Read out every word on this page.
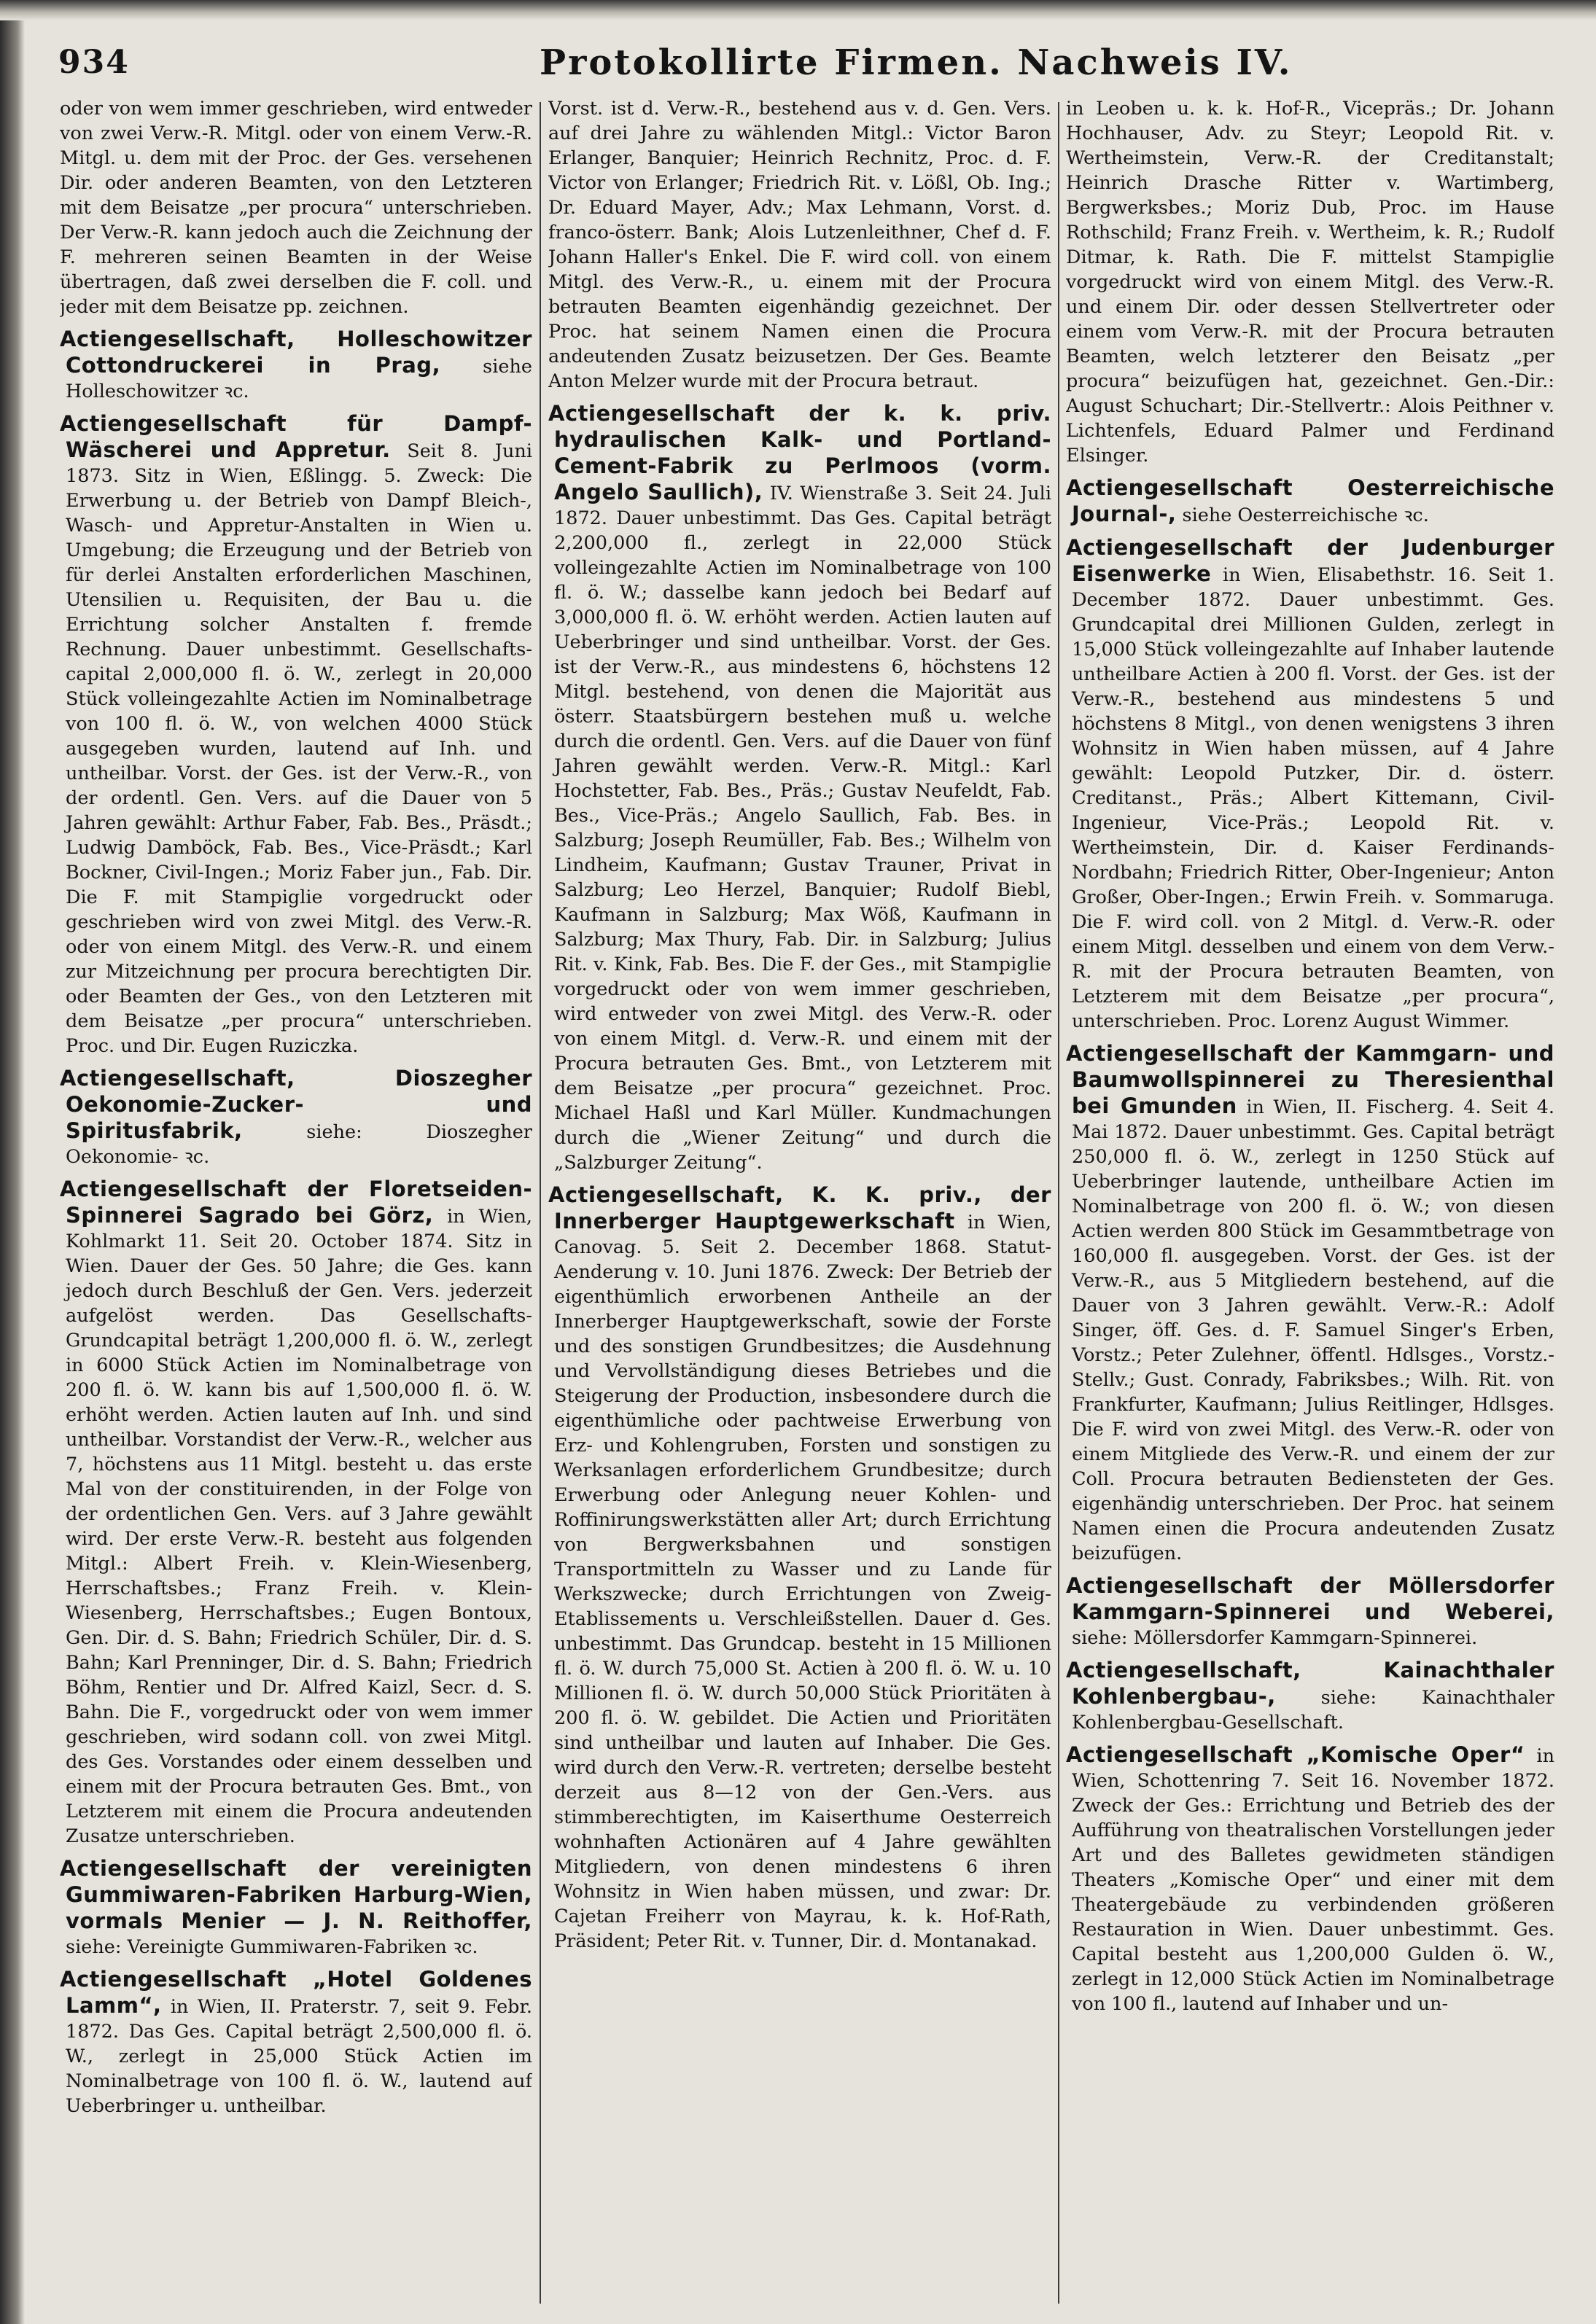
934	Protokollirte Firmen. Nachweis IV.

oder von wem immer geschrieben, wird entweder von zwei Verw.-R. Mitgl. oder von einem Verw.-R. Mitgl. u. dem mit der Proc. der Ges. versehenen Dir. oder anderen Beamten, von den Letzteren mit dem Beisatze „per procura“ unterschrieben. Der Verw.-R. kann jedoch auch die Zeichnung der F. mehreren seinen Beamten in der Weise übertragen, daß zwei derselben die F. coll. und jeder mit dem Beisatze pp. zeichnen.

Actiengesellschaft, Holleschowitzer Cottondruckerei in Prag, siehe Holleschowitzer ꝛc.

Actiengesellschaft für Dampf-Wäscherei und Appretur. Seit 8. Juni 1873. Sitz in Wien, Eßlingg. 5. Zweck: Die Erwerbung u. der Betrieb von Dampf Bleich-, Wasch- und Appretur-Anstalten in Wien u. Umgebung; die Erzeugung und der Betrieb von für derlei Anstalten erforderlichen Maschinen, Utensilien u. Requisiten, der Bau u. die Errichtung solcher Anstalten f. fremde Rechnung. Dauer unbestimmt. Gesellschafts-capital 2,000,000 fl. ö. W., zerlegt in 20,000 Stück volleingezahlte Actien im Nominalbetrage von 100 fl. ö. W., von welchen 4000 Stück ausgegeben wurden, lautend auf Inh. und untheilbar. Vorst. der Ges. ist der Verw.-R., von der ordentl. Gen. Vers. auf die Dauer von 5 Jahren gewählt: Arthur Faber, Fab. Bes., Präsdt.; Ludwig Damböck, Fab. Bes., Vice-Präsdt.; Karl Bockner, Civil-Ingen.; Moriz Faber jun., Fab. Dir. Die F. mit Stampiglie vorgedruckt oder geschrieben wird von zwei Mitgl. des Verw.-R. oder von einem Mitgl. des Verw.-R. und einem zur Mitzeichnung per procura berechtigten Dir. oder Beamten der Ges., von den Letzteren mit dem Beisatze „per procura“ unterschrieben. Proc. und Dir. Eugen Ruziczka.

Actiengesellschaft, Dioszegher Oekonomie-Zucker- und Spiritusfabrik, siehe: Dioszegher Oekonomie- ꝛc.

Actiengesellschaft der Floretseiden-Spinnerei Sagrado bei Görz, in Wien, Kohlmarkt 11. Seit 20. October 1874. Sitz in Wien. Dauer der Ges. 50 Jahre; die Ges. kann jedoch durch Beschluß der Gen. Vers. jederzeit aufgelöst werden. Das Gesellschafts-Grundcapital beträgt 1,200,000 fl. ö. W., zerlegt in 6000 Stück Actien im Nominalbetrage von 200 fl. ö. W. kann bis auf 1,500,000 fl. ö. W. erhöht werden. Actien lauten auf Inh. und sind untheilbar. Vorstandist der Verw.-R., welcher aus 7, höchstens aus 11 Mitgl. besteht u. das erste Mal von der constituirenden, in der Folge von der ordentlichen Gen. Vers. auf 3 Jahre gewählt wird. Der erste Verw.-R. besteht aus folgenden Mitgl.: Albert Freih. v. Klein-Wiesenberg, Herrschaftsbes.; Franz Freih. v. Klein-Wiesenberg, Herrschaftsbes.; Eugen Bontoux, Gen. Dir. d. S. Bahn; Friedrich Schüler, Dir. d. S. Bahn; Karl Prenninger, Dir. d. S. Bahn; Friedrich Böhm, Rentier und Dr. Alfred Kaizl, Secr. d. S. Bahn. Die F., vorgedruckt oder von wem immer geschrieben, wird sodann coll. von zwei Mitgl. des Ges. Vorstandes oder einem desselben und einem mit der Procura betrauten Ges. Bmt., von Letzterem mit einem die Procura andeutenden Zusatze unterschrieben.

Actiengesellschaft der vereinigten Gummiwaren-Fabriken Harburg-Wien, vormals Menier — J. N. Reithoffer, siehe: Vereinigte Gummiwaren-Fabriken ꝛc.

Actiengesellschaft „Hotel Goldenes Lamm“, in Wien, II. Praterstr. 7, seit 9. Febr. 1872. Das Ges. Capital beträgt 2,500,000 fl. ö. W., zerlegt in 25,000 Stück Actien im Nominalbetrage von 100 fl. ö. W., lautend auf Ueberbringer u. untheilbar.

Vorst. ist d. Verw.-R., bestehend aus v. d. Gen. Vers. auf drei Jahre zu wählenden Mitgl.: Victor Baron Erlanger, Banquier; Heinrich Rechnitz, Proc. d. F. Victor von Erlanger; Friedrich Rit. v. Lößl, Ob. Ing.; Dr. Eduard Mayer, Adv.; Max Lehmann, Vorst. d. franco-österr. Bank; Alois Lutzenleithner, Chef d. F. Johann Haller's Enkel. Die F. wird coll. von einem Mitgl. des Verw.-R., u. einem mit der Procura betrauten Beamten eigenhändig gezeichnet. Der Proc. hat seinem Namen einen die Procura andeutenden Zusatz beizusetzen. Der Ges. Beamte Anton Melzer wurde mit der Procura betraut.

Actiengesellschaft der k. k. priv. hydraulischen Kalk- und Portland-Cement-Fabrik zu Perlmoos (vorm. Angelo Saullich), IV. Wienstraße 3. Seit 24. Juli 1872. Dauer unbestimmt. Das Ges. Capital beträgt 2,200,000 fl., zerlegt in 22,000 Stück volleingezahlte Actien im Nominalbetrage von 100 fl. ö. W.; dasselbe kann jedoch bei Bedarf auf 3,000,000 fl. ö. W. erhöht werden. Actien lauten auf Ueberbringer und sind untheilbar. Vorst. der Ges. ist der Verw.-R., aus mindestens 6, höchstens 12 Mitgl. bestehend, von denen die Majorität aus österr. Staatsbürgern bestehen muß u. welche durch die ordentl. Gen. Vers. auf die Dauer von fünf Jahren gewählt werden. Verw.-R. Mitgl.: Karl Hochstetter, Fab. Bes., Präs.; Gustav Neufeldt, Fab. Bes., Vice-Präs.; Angelo Saullich, Fab. Bes. in Salzburg; Joseph Reumüller, Fab. Bes.; Wilhelm von Lindheim, Kaufmann; Gustav Trauner, Privat in Salzburg; Leo Herzel, Banquier; Rudolf Biebl, Kaufmann in Salzburg; Max Wöß, Kaufmann in Salzburg; Max Thury, Fab. Dir. in Salzburg; Julius Rit. v. Kink, Fab. Bes. Die F. der Ges., mit Stampiglie vorgedruckt oder von wem immer geschrieben, wird entweder von zwei Mitgl. des Verw.-R. oder von einem Mitgl. d. Verw.-R. und einem mit der Procura betrauten Ges. Bmt., von Letzterem mit dem Beisatze „per procura“ gezeichnet. Proc. Michael Haßl und Karl Müller. Kundmachungen durch die „Wiener Zeitung“ und durch die „Salzburger Zeitung“.

Actiengesellschaft, K. K. priv., der Innerberger Hauptgewerkschaft in Wien, Canovag. 5. Seit 2. December 1868. Statut-Aenderung v. 10. Juni 1876. Zweck: Der Betrieb der eigenthümlich erworbenen Antheile an der Innerberger Hauptgewerkschaft, sowie der Forste und des sonstigen Grundbesitzes; die Ausdehnung und Vervollständigung dieses Betriebes und die Steigerung der Production, insbesondere durch die eigenthümliche oder pachtweise Erwerbung von Erz- und Kohlengruben, Forsten und sonstigen zu Werksanlagen erforderlichem Grundbesitze; durch Erwerbung oder Anlegung neuer Kohlen- und Roffinirungswerkstätten aller Art; durch Errichtung von Bergwerksbahnen und sonstigen Transportmitteln zu Wasser und zu Lande für Werkszwecke; durch Errichtungen von Zweig-Etablissements u. Verschleißstellen. Dauer d. Ges. unbestimmt. Das Grundcap. besteht in 15 Millionen fl. ö. W. durch 75,000 St. Actien à 200 fl. ö. W. u. 10 Millionen fl. ö. W. durch 50,000 Stück Prioritäten à 200 fl. ö. W. gebildet. Die Actien und Prioritäten sind untheilbar und lauten auf Inhaber. Die Ges. wird durch den Verw.-R. vertreten; derselbe besteht derzeit aus 8—12 von der Gen.-Vers. aus stimmberechtigten, im Kaiserthume Oesterreich wohnhaften Actionären auf 4 Jahre gewählten Mitgliedern, von denen mindestens 6 ihren Wohnsitz in Wien haben müssen, und zwar: Dr. Cajetan Freiherr von Mayrau, k. k. Hof-Rath, Präsident; Peter Rit. v. Tunner, Dir. d. Montanakad.

in Leoben u. k. k. Hof-R., Vicepräs.; Dr. Johann Hochhauser, Adv. zu Steyr; Leopold Rit. v. Wertheimstein, Verw.-R. der Creditanstalt; Heinrich Drasche Ritter v. Wartimberg, Bergwerksbes.; Moriz Dub, Proc. im Hause Rothschild; Franz Freih. v. Wertheim, k. R.; Rudolf Ditmar, k. Rath. Die F. mittelst Stampiglie vorgedruckt wird von einem Mitgl. des Verw.-R. und einem Dir. oder dessen Stellvertreter oder einem vom Verw.-R. mit der Procura betrauten Beamten, welch letzterer den Beisatz „per procura“ beizufügen hat, gezeichnet. Gen.-Dir.: August Schuchart; Dir.-Stellvertr.: Alois Peithner v. Lichtenfels, Eduard Palmer und Ferdinand Elsinger.

Actiengesellschaft Oesterreichische Journal-, siehe Oesterreichische ꝛc.

Actiengesellschaft der Judenburger Eisenwerke in Wien, Elisabethstr. 16. Seit 1. December 1872. Dauer unbestimmt. Ges. Grundcapital drei Millionen Gulden, zerlegt in 15,000 Stück volleingezahlte auf Inhaber lautende untheilbare Actien à 200 fl. Vorst. der Ges. ist der Verw.-R., bestehend aus mindestens 5 und höchstens 8 Mitgl., von denen wenigstens 3 ihren Wohnsitz in Wien haben müssen, auf 4 Jahre gewählt: Leopold Putzker, Dir. d. österr. Creditanst., Präs.; Albert Kittemann, Civil-Ingenieur, Vice-Präs.; Leopold Rit. v. Wertheimstein, Dir. d. Kaiser Ferdinands-Nordbahn; Friedrich Ritter, Ober-Ingenieur; Anton Großer, Ober-Ingen.; Erwin Freih. v. Sommaruga. Die F. wird coll. von 2 Mitgl. d. Verw.-R. oder einem Mitgl. desselben und einem von dem Verw.-R. mit der Procura betrauten Beamten, von Letzterem mit dem Beisatze „per procura“, unterschrieben. Proc. Lorenz August Wimmer.

Actiengesellschaft der Kammgarn- und Baumwollspinnerei zu Theresienthal bei Gmunden in Wien, II. Fischerg. 4. Seit 4. Mai 1872. Dauer unbestimmt. Ges. Capital beträgt 250,000 fl. ö. W., zerlegt in 1250 Stück auf Ueberbringer lautende, untheilbare Actien im Nominalbetrage von 200 fl. ö. W.; von diesen Actien werden 800 Stück im Gesammtbetrage von 160,000 fl. ausgegeben. Vorst. der Ges. ist der Verw.-R., aus 5 Mitgliedern bestehend, auf die Dauer von 3 Jahren gewählt. Verw.-R.: Adolf Singer, öff. Ges. d. F. Samuel Singer's Erben, Vorstz.; Peter Zulehner, öffentl. Hdlsges., Vorstz.-Stellv.; Gust. Conrady, Fabriksbes.; Wilh. Rit. von Frankfurter, Kaufmann; Julius Reitlinger, Hdlsges. Die F. wird von zwei Mitgl. des Verw.-R. oder von einem Mitgliede des Verw.-R. und einem der zur Coll. Procura betrauten Bediensteten der Ges. eigenhändig unterschrieben. Der Proc. hat seinem Namen einen die Procura andeutenden Zusatz beizufügen.

Actiengesellschaft der Möllersdorfer Kammgarn-Spinnerei und Weberei, siehe: Möllersdorfer Kammgarn-Spinnerei.

Actiengesellschaft, Kainachthaler Kohlenbergbau-, siehe: Kainachthaler Kohlenbergbau-Gesellschaft.

Actiengesellschaft „Komische Oper“ in Wien, Schottenring 7. Seit 16. November 1872. Zweck der Ges.: Errichtung und Betrieb des der Aufführung von theatralischen Vorstellungen jeder Art und des Balletes gewidmeten ständigen Theaters „Komische Oper“ und einer mit dem Theatergebäude zu verbindenden größeren Restauration in Wien. Dauer unbestimmt. Ges. Capital besteht aus 1,200,000 Gulden ö. W., zerlegt in 12,000 Stück Actien im Nominalbetrage von 100 fl., lautend auf Inhaber und un-
